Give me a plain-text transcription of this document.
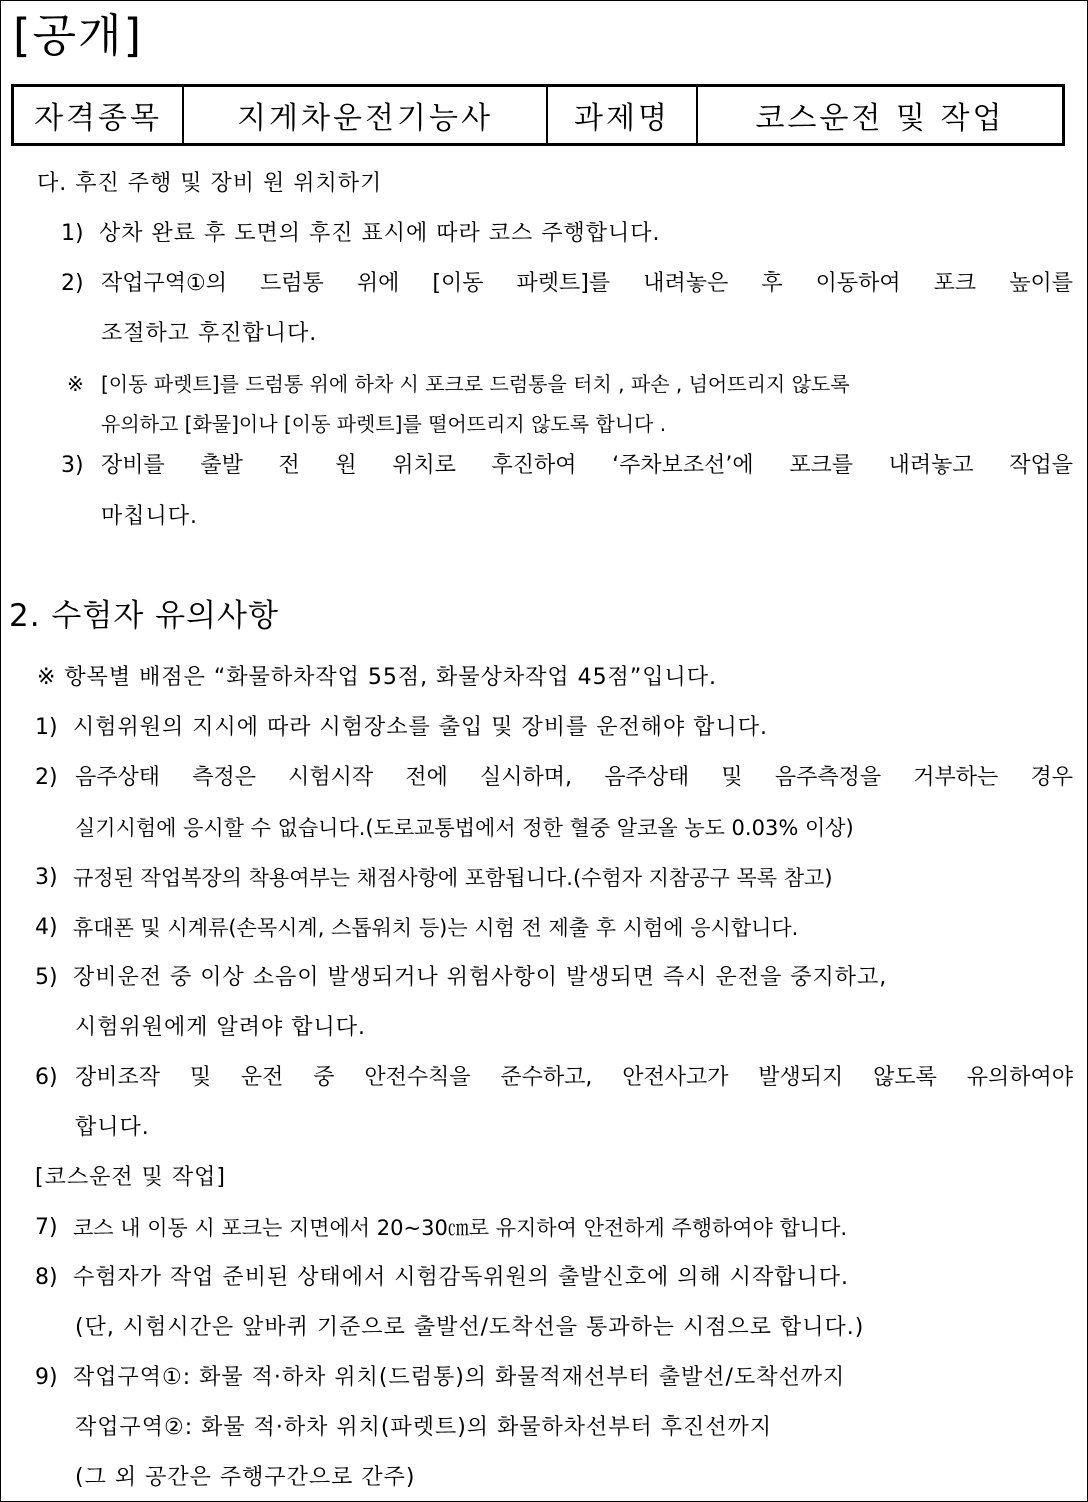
[공개]
자격종목	지게차운전기능사	과제명	코스운전 및 작업
다. 후진 주행 및 장비 원 위치하기
1) 상차 완료 후 도면의 후진 표시에 따라 코스 주행합니다.
2) 작업구역①의 드럼통 위에 [이동 파렛트]를 내려놓은 후 이동하여 포크 높이를
조절하고 후진합니다.
※ [이동 파렛트]를 드럼통 위에 하차 시 포크로 드럼통을 터치 , 파손 , 넘어뜨리지 않도록
유의하고 [화물]이나 [이동 파렛트]를 떨어뜨리지 않도록 합니다 .
3) 장비를 출발 전 원 위치로 후진하여 ‘주차보조선’에 포크를 내려놓고 작업을
마칩니다.
2. 수험자 유의사항
※ 항목별 배점은 “화물하차작업 55점, 화물상차작업 45점”입니다.
1) 시험위원의 지시에 따라 시험장소를 출입 및 장비를 운전해야 합니다.
2) 음주상태 측정은 시험시작 전에 실시하며, 음주상태 및 음주측정을 거부하는 경우
실기시험에 응시할 수 없습니다.(도로교통법에서 정한 혈중 알코올 농도 0.03% 이상)
3) 규정된 작업복장의 착용여부는 채점사항에 포함됩니다.(수험자 지참공구 목록 참고)
4) 휴대폰 및 시계류(손목시계, 스톱워치 등)는 시험 전 제출 후 시험에 응시합니다.
5) 장비운전 중 이상 소음이 발생되거나 위험사항이 발생되면 즉시 운전을 중지하고,
시험위원에게 알려야 합니다.
6) 장비조작 및 운전 중 안전수칙을 준수하고, 안전사고가 발생되지 않도록 유의하여야
합니다.
[코스운전 및 작업]
7) 코스 내 이동 시 포크는 지면에서 20~30㎝로 유지하여 안전하게 주행하여야 합니다.
8) 수험자가 작업 준비된 상태에서 시험감독위원의 출발신호에 의해 시작합니다.
(단, 시험시간은 앞바퀴 기준으로 출발선/도착선을 통과하는 시점으로 합니다.)
9) 작업구역①: 화물 적·하차 위치(드럼통)의 화물적재선부터 출발선/도착선까지
작업구역②: 화물 적·하차 위치(파렛트)의 화물하차선부터 후진선까지
(그 외 공간은 주행구간으로 간주)
